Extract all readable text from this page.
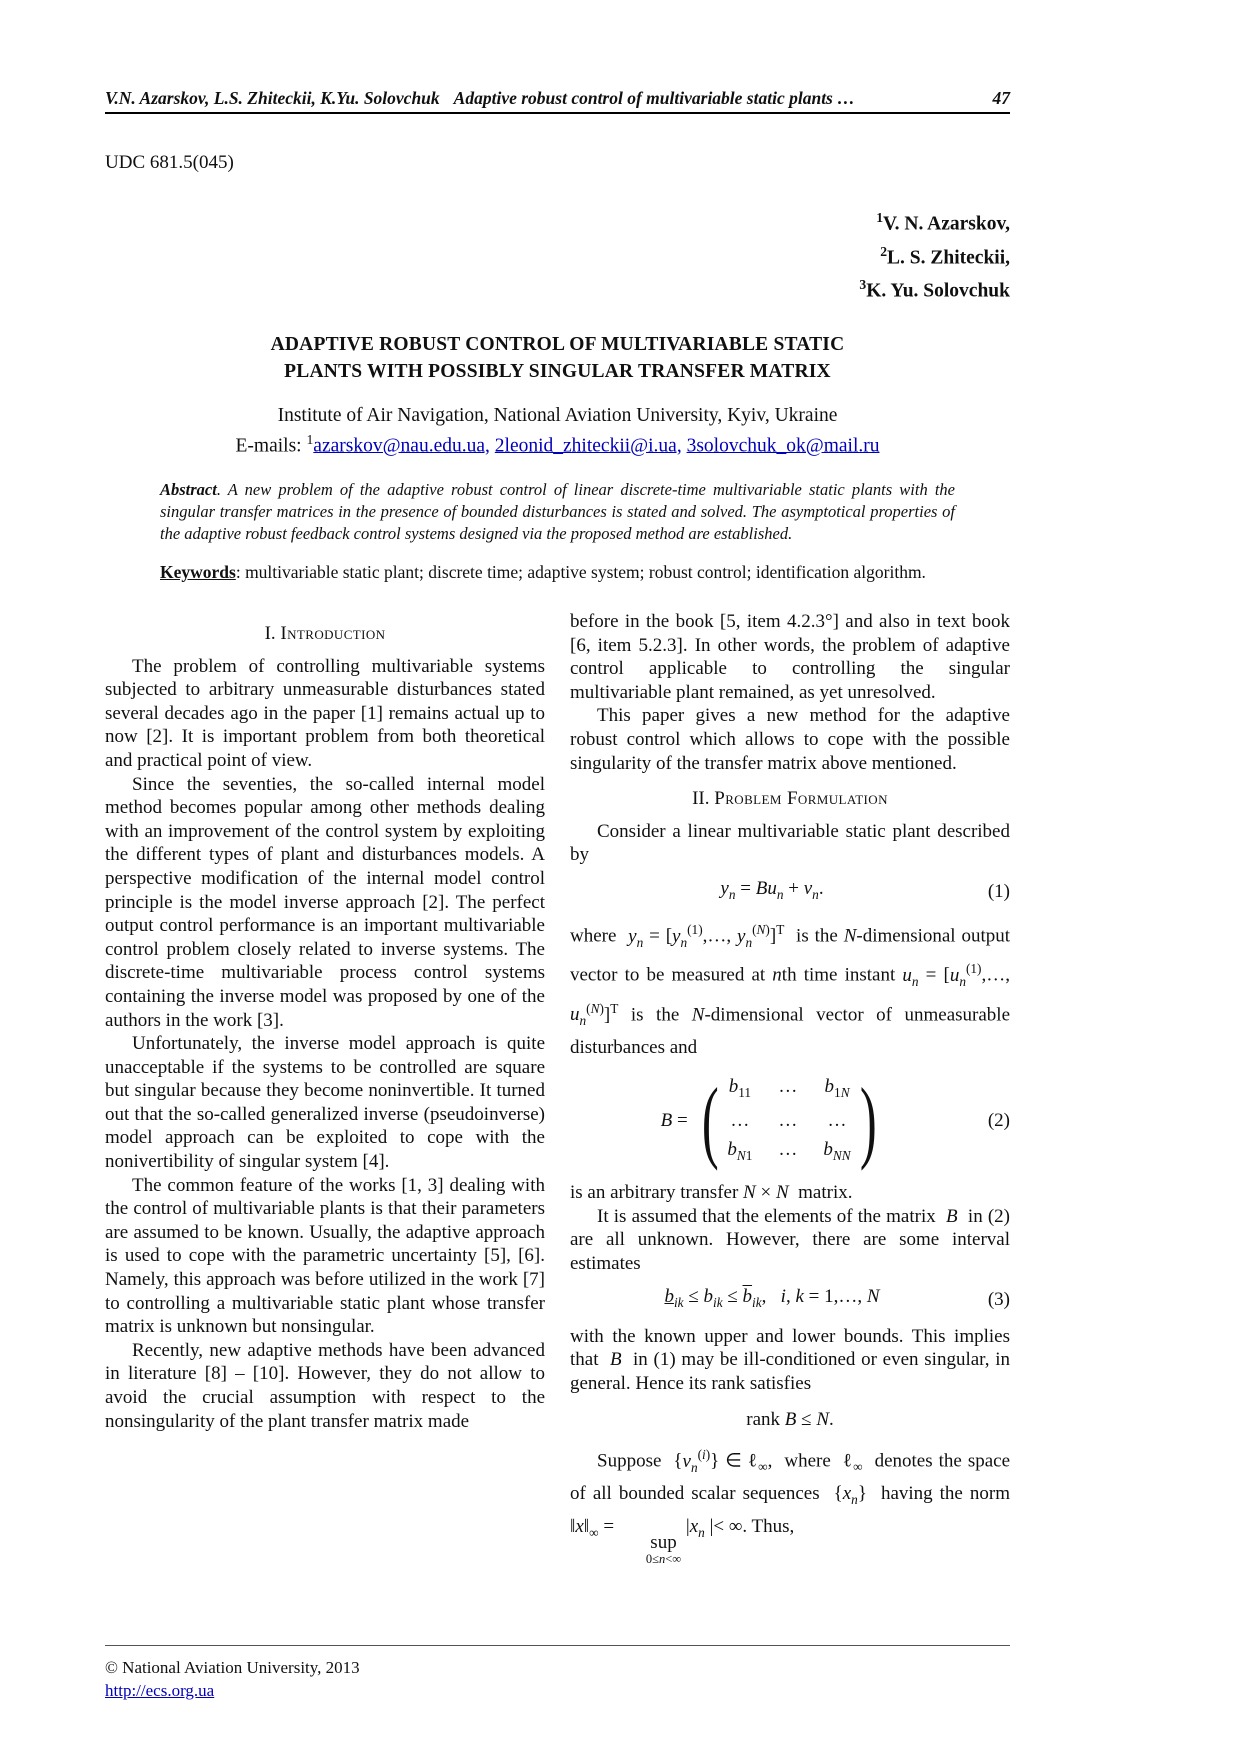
V.N. Azarskov, L.S. Zhiteckii, K.Yu. Solovchuk Adaptive robust control of multivariable static plants …	47
UDC 681.5(045)
$^1$V. N. Azarskov,
$^2$L. S. Zhiteckii,
$^3$K. Yu. Solovchuk
ADAPTIVE ROBUST CONTROL OF MULTIVARIABLE STATIC
PLANTS WITH POSSIBLY SINGULAR TRANSFER MATRIX
Institute of Air Navigation, National Aviation University, Kyiv, Ukraine
E-mails: $^1$azarskov@nau.edu.ua, 2leonid_zhiteckii@i.ua, 3solovchuk_ok@mail.ru

Abstract. A new problem of the adaptive robust control of linear discrete-time multivariable static plants with the singular transfer matrices in the presence of bounded disturbances is stated and solved. The asymptotical properties of the adaptive robust feedback control systems designed via the proposed method are established.

Keywords: multivariable static plant; discrete time; adaptive system; robust control; identification algorithm.

I. Introduction

The problem of controlling multivariable systems subjected to arbitrary unmeasurable disturbances stated several decades ago in the paper [1] remains actual up to now [2]. It is important problem from both theoretical and practical point of view.

Since the seventies, the so-called internal model method becomes popular among other methods dealing with an improvement of the control system by exploiting the different types of plant and disturbances models. A perspective modification of the internal model control principle is the model inverse approach [2]. The perfect output control performance is an important multivariable control problem closely related to inverse systems. The discrete-time multivariable process control systems containing the inverse model was proposed by one of the authors in the work [3].

Unfortunately, the inverse model approach is quite unacceptable if the systems to be controlled are square but singular because they become noninvertible. It turned out that the so-called generalized inverse (pseudoinverse) model approach can be exploited to cope with the nonivertibility of singular system [4].

The common feature of the works [1, 3] dealing with the control of multivariable plants is that their parameters are assumed to be known. Usually, the adaptive approach is used to cope with the parametric uncertainty [5], [6]. Namely, this approach was before utilized in the work [7] to controlling a multivariable static plant whose transfer matrix is unknown but nonsingular.

Recently, new adaptive methods have been advanced in literature [8] – [10]. However, they do not allow to avoid the crucial assumption with respect to the nonsingularity of the plant transfer matrix made

before in the book [5, item 4.2.3°] and also in text book [6, item 5.2.3]. In other words, the problem of adaptive control applicable to controlling the singular multivariable plant remained, as yet unresolved.

This paper gives a new method for the adaptive robust control which allows to cope with the possible singularity of the transfer matrix above mentioned.

II. Problem Formulation

Consider a linear multivariable static plant described by

$y_n = Bu_n + v_n$.	(1)

where  $y_n$ = [$y_n^{(1)},\dots$, $y_n^{(N)}]^T$  is the N-dimensional output vector to be measured at nth time instant $u_n$ = [$u_n^{(1)},\dots$, $u_n^{(N)}]^T$ is the N-dimensional vector of unmeasurable disturbances and

B = ( $b_{11}$ … $b_{1N}$
… … …
$b_{N1}$ … $b_{NN}$ )	(2)

is an arbitrary transfer N × N  matrix.

It is assumed that the elements of the matrix  B  in (2) are all unknown. However, there are some interval estimates

$b_{ik} \le b_{ik} \le \overline{b}_{ik}$,   i, k = 1,…, N	(3)

with the known upper and lower bounds. This implies that  B  in (1) may be ill-conditioned or even singular, in general. Hence its rank satisfies

rank B ≤ N.

Suppose  $\{v_n^{(i)}\}$ ∈ ℓ$_\infty$,  where  ℓ$_\infty$  denotes the space of all bounded scalar sequences  $\{x_n\}$  having the norm $‖x‖_\infty$ =
sup
0≤n<∞
$|x_n$ |< ∞. Thus,

© National Aviation University, 2013
http://ecs.org.ua
